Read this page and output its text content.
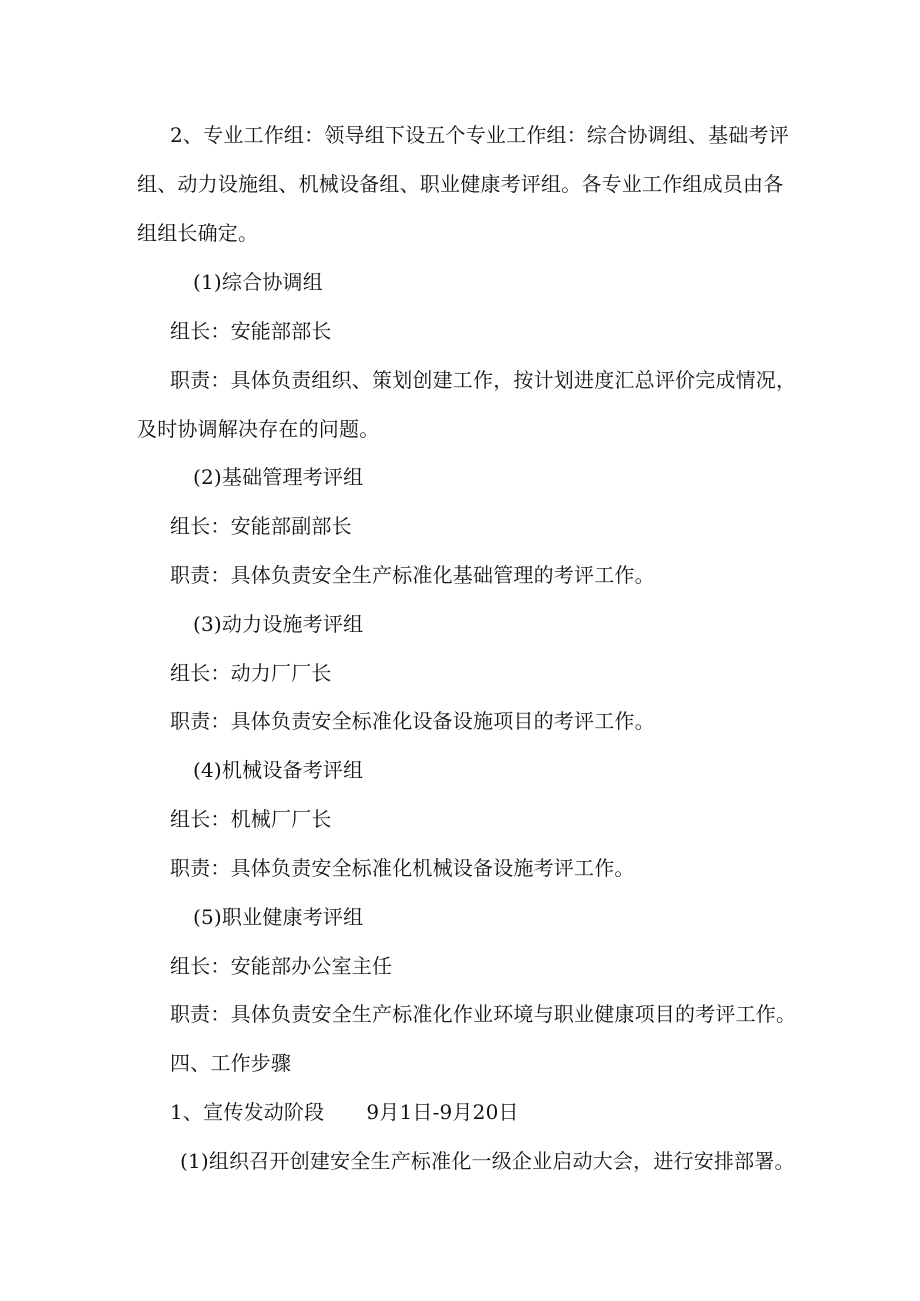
2、专业工作组：领导组下设五个专业工作组：综合协调组、基础考评
组、动力设施组、机械设备组、职业健康考评组。各专业工作组成员由各
组组长确定。
(1)综合协调组
组长：安能部部长
职责：具体负责组织、策划创建工作，按计划进度汇总评价完成情况，
及时协调解决存在的问题。
(2)基础管理考评组
组长：安能部副部长
职责：具体负责安全生产标准化基础管理的考评工作。
(3)动力设施考评组
组长：动力厂厂长
职责：具体负责安全标准化设备设施项目的考评工作。
(4)机械设备考评组
组长：机械厂厂长
职责：具体负责安全标准化机械设备设施考评工作。
(5)职业健康考评组
组长：安能部办公室主任
职责：具体负责安全生产标准化作业环境与职业健康项目的考评工作。
四、工作步骤
1、宣传发动阶段 9月1日-9月20日
(1)组织召开创建安全生产标准化一级企业启动大会，进行安排部署。
